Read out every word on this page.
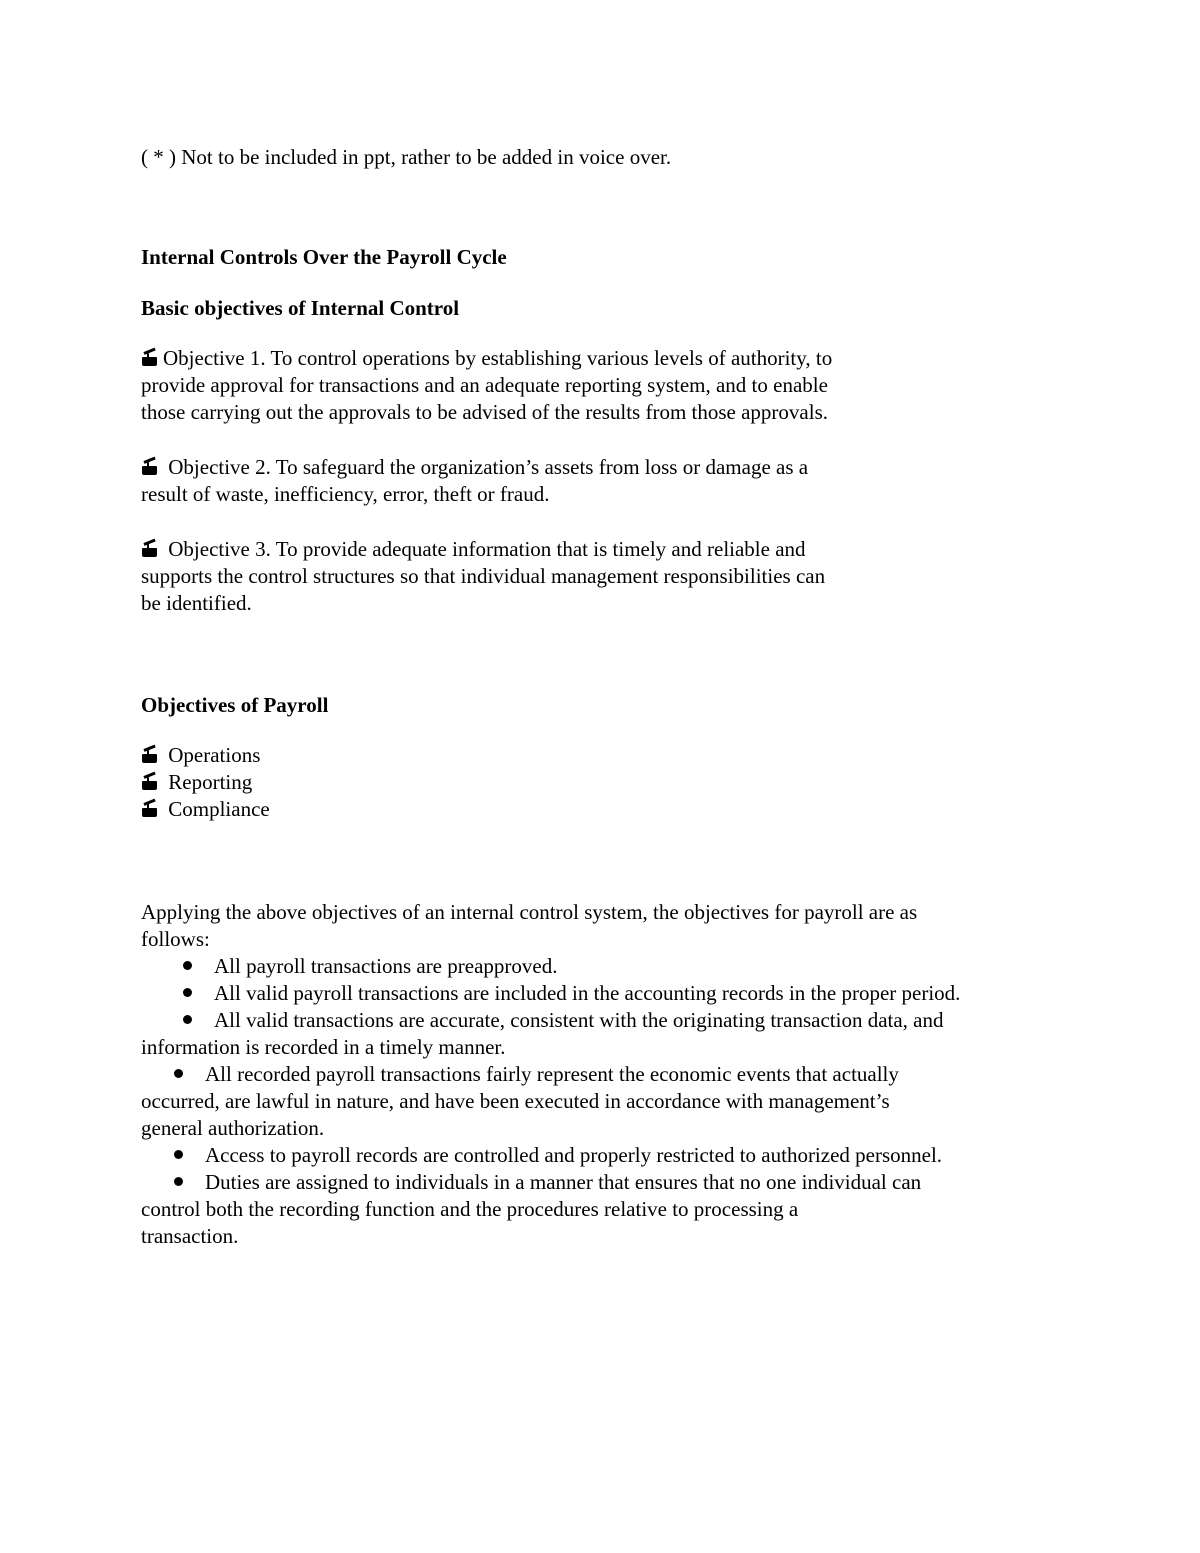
( * ) Not to be included in ppt, rather to be added in voice over.

Internal Controls Over the Payroll Cycle

Basic objectives of Internal Control

Objective 1. To control operations by establishing various levels of authority, to
provide approval for transactions and an adequate reporting system, and to enable
those carrying out the approvals to be advised of the results from those approvals.
Objective 2. To safeguard the organization’s assets from loss or damage as a
result of waste, inefficiency, error, theft or fraud.
Objective 3. To provide adequate information that is timely and reliable and
supports the control structures so that individual management responsibilities can
be identified.

Objectives of Payroll

Operations
Reporting
Compliance
Applying the above objectives of an internal control system, the objectives for payroll are as
follows:
All payroll transactions are preapproved.
All valid payroll transactions are included in the accounting records in the proper period.
All valid transactions are accurate, consistent with the originating transaction data, and
information is recorded in a timely manner.
All recorded payroll transactions fairly represent the economic events that actually
occurred, are lawful in nature, and have been executed in accordance with management’s
general authorization.
Access to payroll records are controlled and properly restricted to authorized personnel.
Duties are assigned to individuals in a manner that ensures that no one individual can
control both the recording function and the procedures relative to processing a
transaction.
